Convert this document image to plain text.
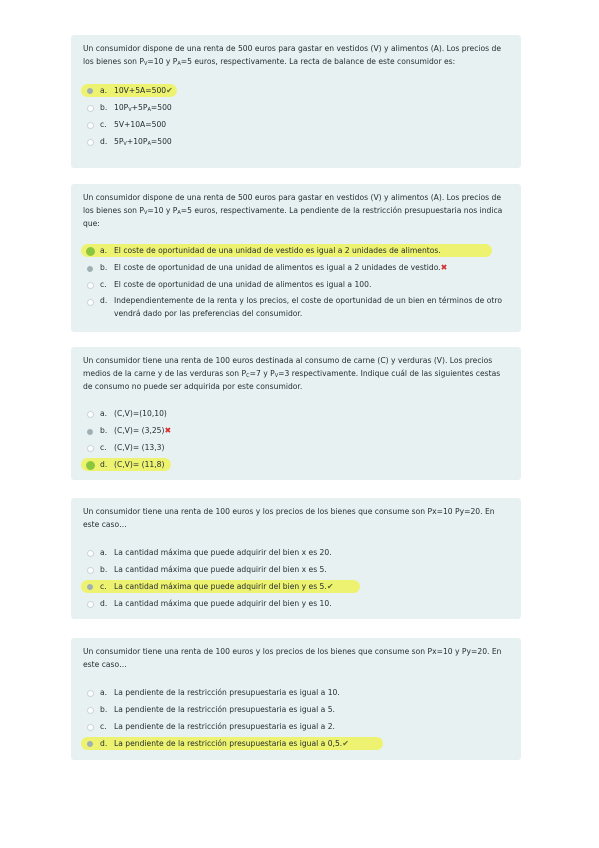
Un consumidor dispone de una renta de 500 euros para gastar en vestidos (V) y alimentos (A). Los precios de los bienes son $P_V=10$ y $P_A=5$ euros, respectivamente. La recta de balance de este consumidor es:

a. 10V+5A=500✔
b. $10P_V+5P_A=500$
c. 5V+10A=500
d. $5P_V+10P_A=500$

Un consumidor dispone de una renta de 500 euros para gastar en vestidos (V) y alimentos (A). Los precios de los bienes son $P_V=10$ y $P_A=5$ euros, respectivamente. La pendiente de la restricción presupuestaria nos indica que:

a. El coste de oportunidad de una unidad de vestido es igual a 2 unidades de alimentos.
b. El coste de oportunidad de una unidad de alimentos es igual a 2 unidades de vestido.✖
c. El coste de oportunidad de una unidad de alimentos es igual a 100.
d. Independientemente de la renta y los precios, el coste de oportunidad de un bien en términos de otro vendrá dado por las preferencias del consumidor.

Un consumidor tiene una renta de 100 euros destinada al consumo de carne (C) y verduras (V). Los precios medios de la carne y de las verduras son $P_C=7$ y $P_V=3$ respectivamente. Indique cuál de las siguientes cestas de consumo no puede ser adquirida por este consumidor.

a. (C,V)=(10,10)
b. (C,V)= (3,25)✖
c. (C,V)= (13,3)
d. (C,V)= (11,8)

Un consumidor tiene una renta de 100 euros y los precios de los bienes que consume son Px=10 Py=20. En este caso…

a. La cantidad máxima que puede adquirir del bien x es 20.
b. La cantidad máxima que puede adquirir del bien x es 5.
c. La cantidad máxima que puede adquirir del bien y es 5.✔
d. La cantidad máxima que puede adquirir del bien y es 10.

Un consumidor tiene una renta de 100 euros y los precios de los bienes que consume son Px=10 y Py=20. En este caso…

a. La pendiente de la restricción presupuestaria es igual a 10.
b. La pendiente de la restricción presupuestaria es igual a 5.
c. La pendiente de la restricción presupuestaria es igual a 2.
d. La pendiente de la restricción presupuestaria es igual a 0,5.✔
